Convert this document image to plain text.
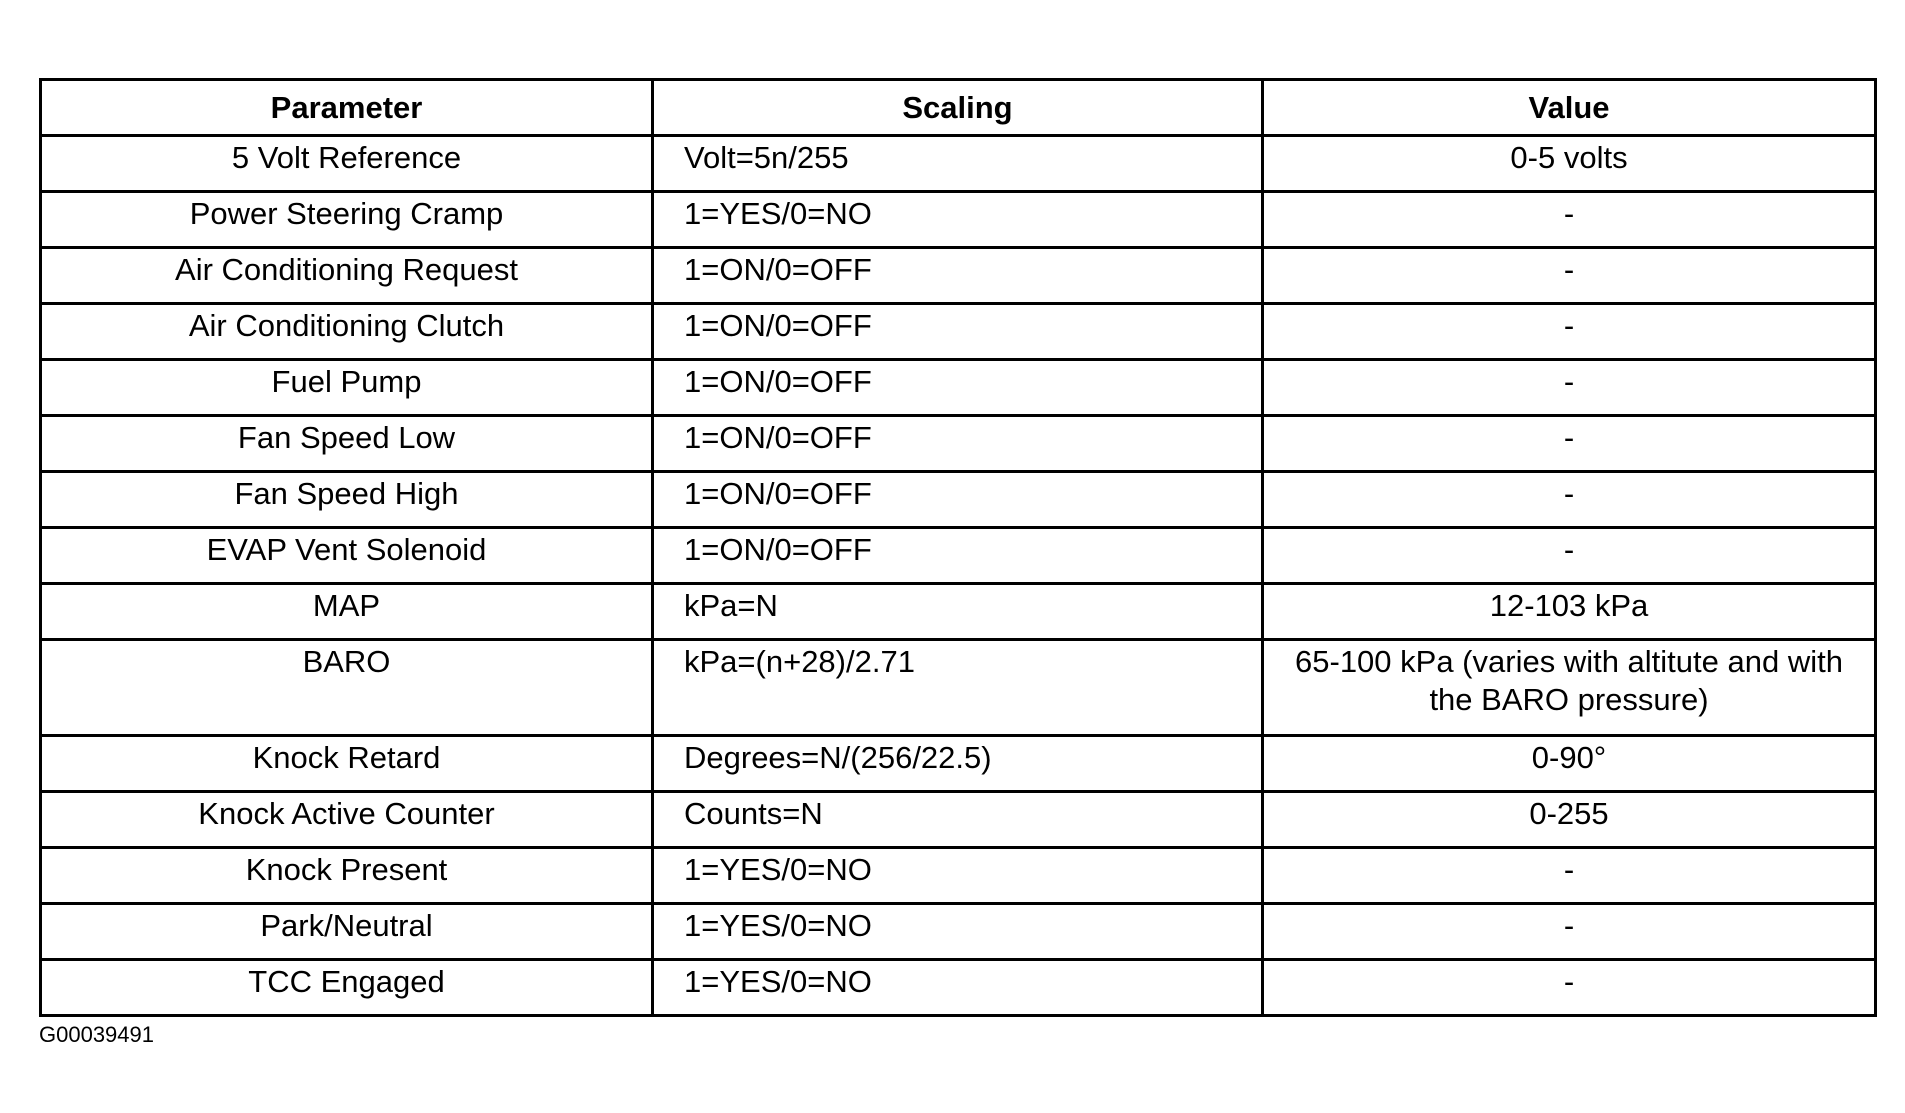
Parameter	Scaling	Value
5 Volt Reference	Volt=5n/255	0-5 volts
Power Steering Cramp	1=YES/0=NO	-
Air Conditioning Request	1=ON/0=OFF	-
Air Conditioning Clutch	1=ON/0=OFF	-
Fuel Pump	1=ON/0=OFF	-
Fan Speed Low	1=ON/0=OFF	-
Fan Speed High	1=ON/0=OFF	-
EVAP Vent Solenoid	1=ON/0=OFF	-
MAP	kPa=N	12-103 kPa
BARO	kPa=(n+28)/2.71	65-100 kPa (varies with altitute and with the BARO pressure)
Knock Retard	Degrees=N/(256/22.5)	0-90°
Knock Active Counter	Counts=N	0-255
Knock Present	1=YES/0=NO	-
Park/Neutral	1=YES/0=NO	-
TCC Engaged	1=YES/0=NO	-
G00039491
